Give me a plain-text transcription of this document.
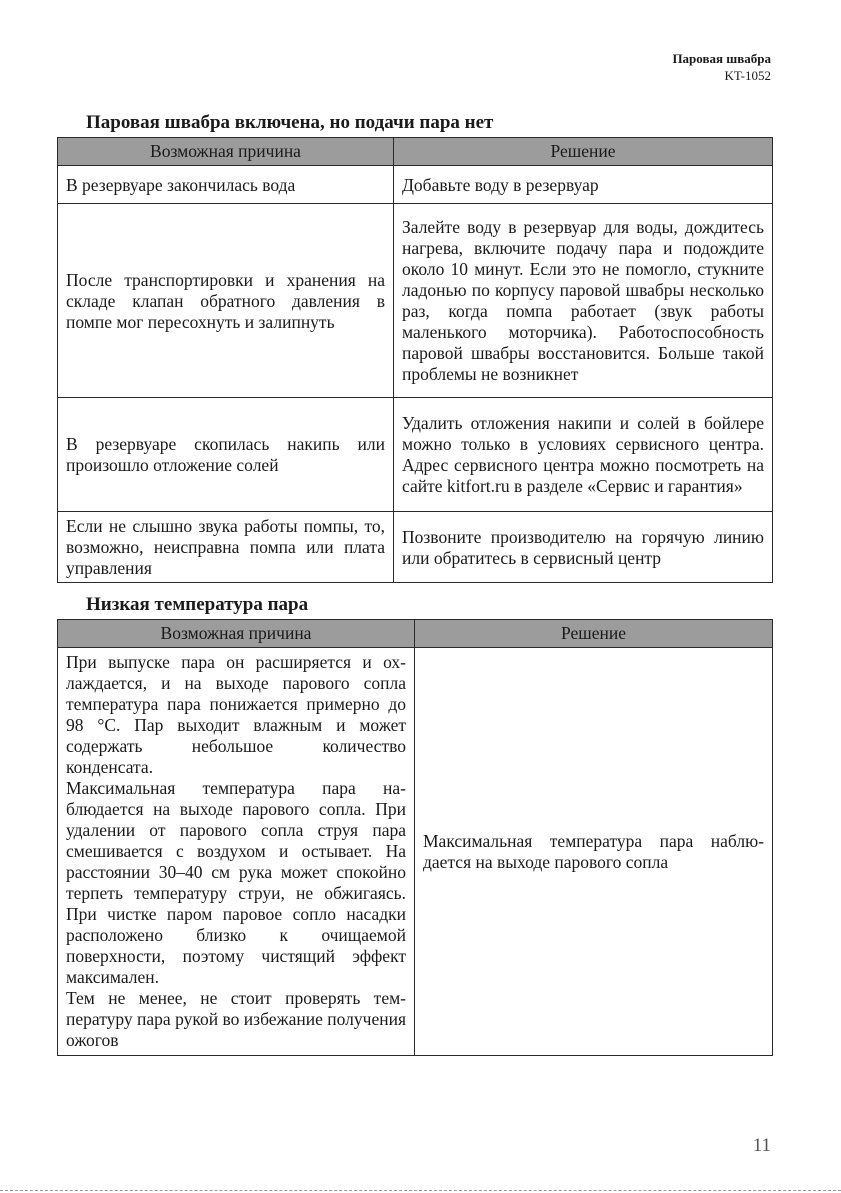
Паровая швабра
KT-1052
Паровая швабра включена, но подачи пара нет
Возможная причина	Решение
В резервуаре закончилась вода	Добавьте воду в резервуар
После транспортировки и хранения на складе клапан обратного давления в помпе мог пересохнуть и залипнуть	Залейте воду в резервуар для воды, дождитесь нагрева, включите подачу пара и подождите около 10 минут. Если это не помогло, стукните ладонью по корпусу паровой швабры несколько раз, когда помпа работает (звук работы маленького моторчика). Работоспособность паровой швабры восстановится. Больше такой проблемы не возникнет
В резервуаре скопилась накипь или произошло отложение солей	Удалить отложения накипи и солей в бойлере можно только в условиях сервисного центра. Адрес сервисного центра можно посмотреть на сайте kitfort.ru в разделе «Сервис и гарантия»
Если не слышно звука работы помпы, то, возможно, неисправна помпа или плата управления	Позвоните производителю на горячую линию или обратитесь в сервисный центр
Низкая температура пара
Возможная причина	Решение

При выпуске пара он расширяется и охлаждается, и на выходе парового сопла температура пара понижается примерно до 98 °C. Пар выходит влажным и может содержать небольшое количество конденсата.
Максимальная температура пара наблюдается на выходе парового сопла. При удалении от парового сопла струя пара смешивается с воздухом и остывает. На расстоянии 30–40 см рука может спокойно терпеть температуру струи, не обжигаясь. При чистке паром паровое сопло насадки расположено близко к очищаемой поверхности, поэтому чистящий эффект максимален.
Тем не менее, не стоит проверять температуру пара рукой во избежание получения ожогов	Максимальная температура пара наблюдается на выходе парового сопла
11
